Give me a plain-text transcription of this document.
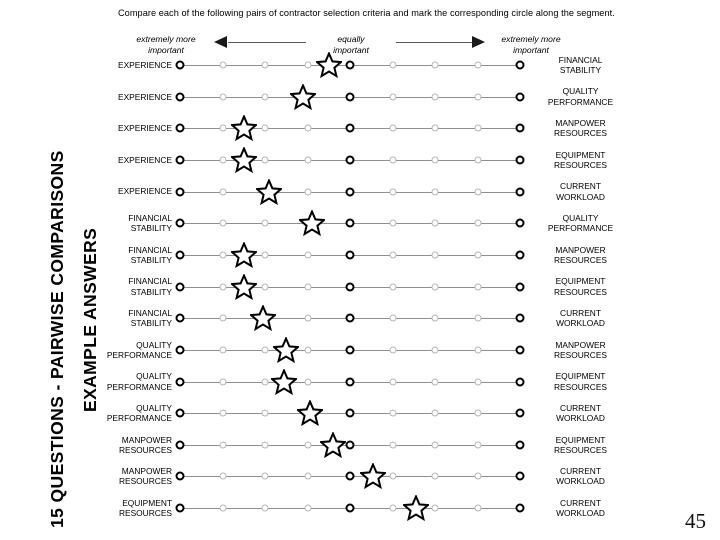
15 QUESTIONS - PAIRWISE COMPARISONS EXAMPLE ANSWERS
Compare each of the following pairs of contractor selection criteria and mark the corresponding circle along the segment.
extremely more
important
equally
important
extremely more
important
EXPERIENCE
FINANCIAL
STABILITY
EXPERIENCE
QUALITY
PERFORMANCE
EXPERIENCE
MANPOWER
RESOURCES
EXPERIENCE
EQUIPMENT
RESOURCES
EXPERIENCE
CURRENT
WORKLOAD
FINANCIAL
STABILITY
QUALITY
PERFORMANCE
FINANCIAL
STABILITY
MANPOWER
RESOURCES
FINANCIAL
STABILITY
EQUIPMENT
RESOURCES
FINANCIAL
STABILITY
CURRENT
WORKLOAD
QUALITY
PERFORMANCE
MANPOWER
RESOURCES
QUALITY
PERFORMANCE
EQUIPMENT
RESOURCES
QUALITY
PERFORMANCE
CURRENT
WORKLOAD
MANPOWER
RESOURCES
EQUIPMENT
RESOURCES
MANPOWER
RESOURCES
CURRENT
WORKLOAD
EQUIPMENT
RESOURCES
CURRENT
WORKLOAD	45
